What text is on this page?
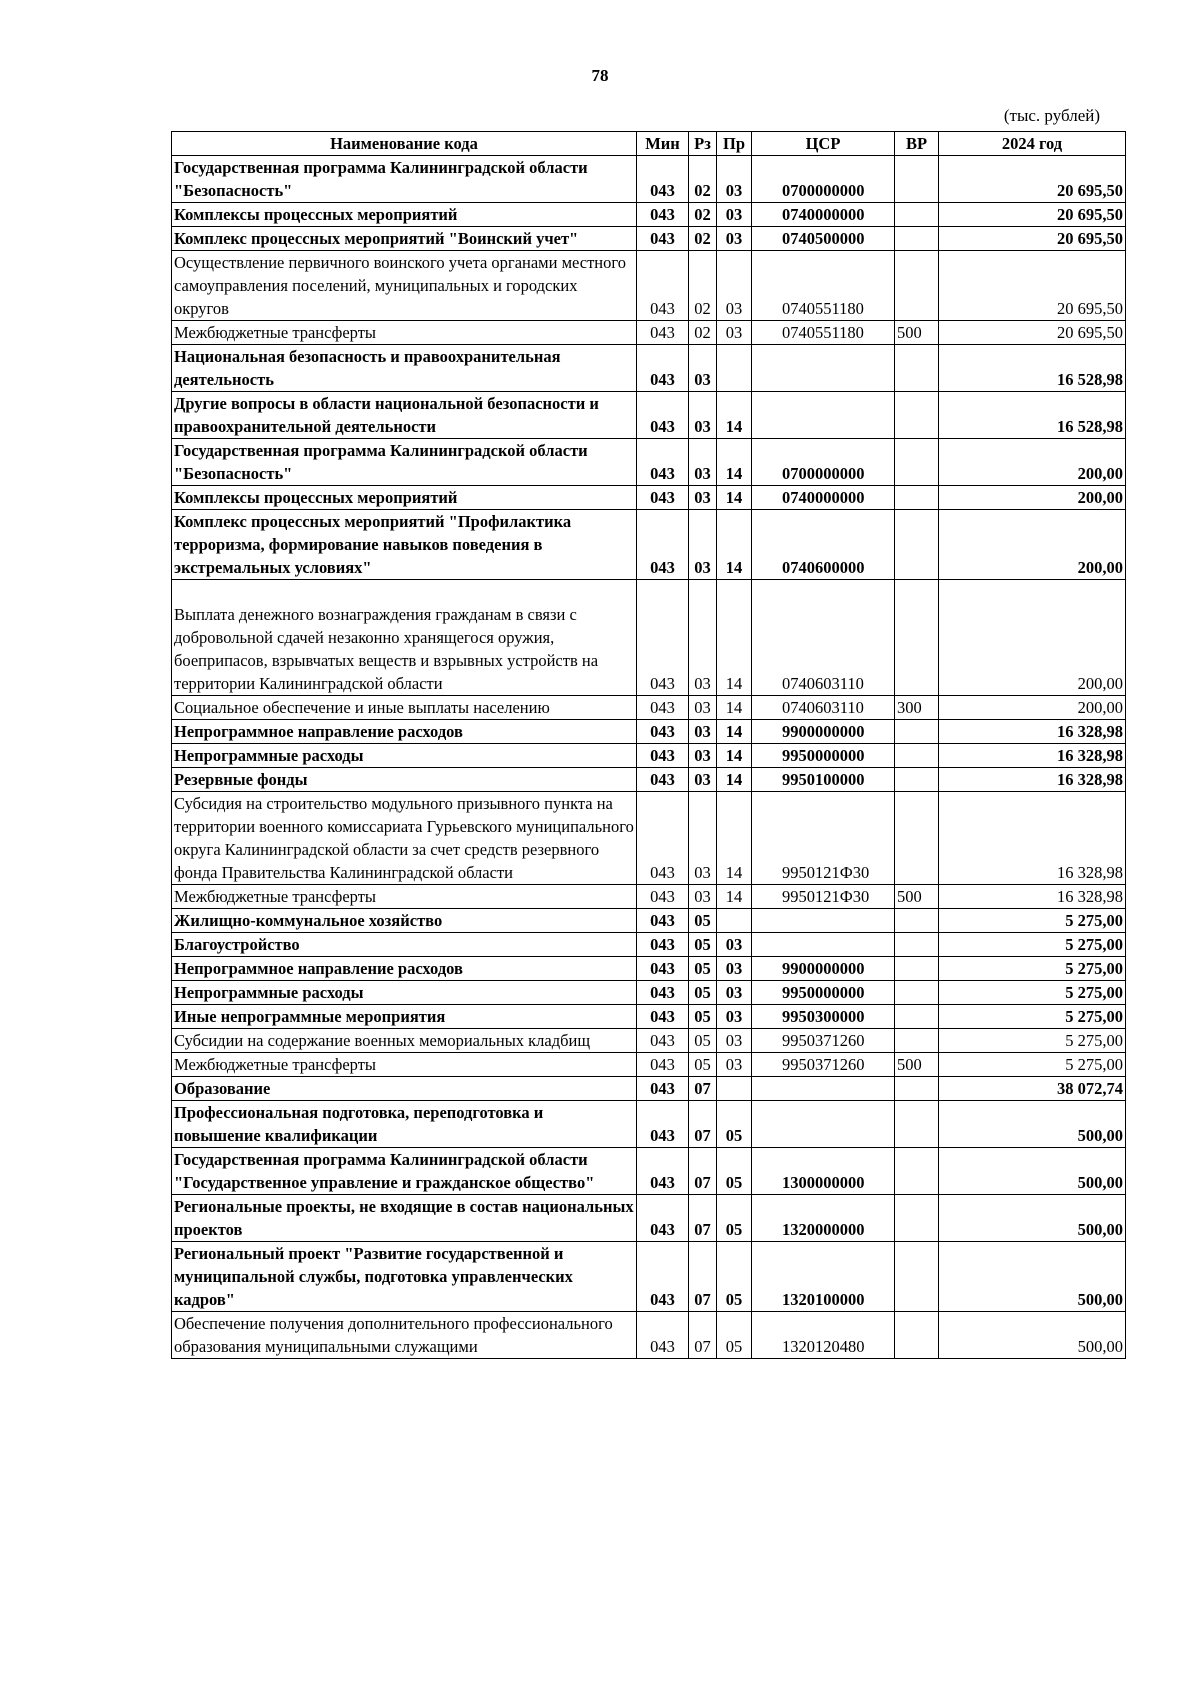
78
(тыс. рублей)
Наименование кода	Мин	Рз	Пр	ЦСР	ВР	2024 год
Государственная программа Калининградской области "Безопасность"	043	02	03	0700000000		20 695,50
Комплексы процессных мероприятий	043	02	03	0740000000		20 695,50
Комплекс процессных мероприятий "Воинский учет"	043	02	03	0740500000		20 695,50
Осуществление первичного воинского учета органами местного самоуправления поселений, муниципальных и городских округов	043	02	03	0740551180		20 695,50
Межбюджетные трансферты	043	02	03	0740551180	500	20 695,50
Национальная безопасность и правоохранительная деятельность	043	03				16 528,98
Другие вопросы в области национальной безопасности и правоохранительной деятельности	043	03	14			16 528,98
Государственная программа Калининградской области "Безопасность"	043	03	14	0700000000		200,00
Комплексы процессных мероприятий	043	03	14	0740000000		200,00
Комплекс процессных мероприятий "Профилактика терроризма, формирование навыков поведения в экстремальных условиях"	043	03	14	0740600000		200,00
Выплата денежного вознаграждения гражданам в связи с добровольной сдачей незаконно хранящегося оружия, боеприпасов, взрывчатых веществ и взрывных устройств на территории Калининградской области	043	03	14	0740603110		200,00
Социальное обеспечение и иные выплаты населению	043	03	14	0740603110	300	200,00
Непрограммное направление расходов	043	03	14	9900000000		16 328,98
Непрограммные расходы	043	03	14	9950000000		16 328,98
Резервные фонды	043	03	14	9950100000		16 328,98
Субсидия на строительство модульного призывного пункта на территории военного комиссариата Гурьевского муниципального округа Калининградской области за счет средств резервного фонда Правительства Калининградской области	043	03	14	9950121Ф30		16 328,98
Межбюджетные трансферты	043	03	14	9950121Ф30	500	16 328,98
Жилищно-коммунальное хозяйство	043	05				5 275,00
Благоустройство	043	05	03			5 275,00
Непрограммное направление расходов	043	05	03	9900000000		5 275,00
Непрограммные расходы	043	05	03	9950000000		5 275,00
Иные непрограммные мероприятия	043	05	03	9950300000		5 275,00
Субсидии на содержание военных мемориальных кладбищ	043	05	03	9950371260		5 275,00
Межбюджетные трансферты	043	05	03	9950371260	500	5 275,00
Образование	043	07				38 072,74
Профессиональная подготовка, переподготовка и повышение квалификации	043	07	05			500,00
Государственная программа Калининградской области "Государственное управление и гражданское общество"	043	07	05	1300000000		500,00
Региональные проекты, не входящие в состав национальных проектов	043	07	05	1320000000		500,00
Региональный проект "Развитие государственной и муниципальной службы, подготовка управленческих кадров"	043	07	05	1320100000		500,00
Обеспечение получения дополнительного профессионального образования муниципальными служащими	043	07	05	1320120480		500,00
